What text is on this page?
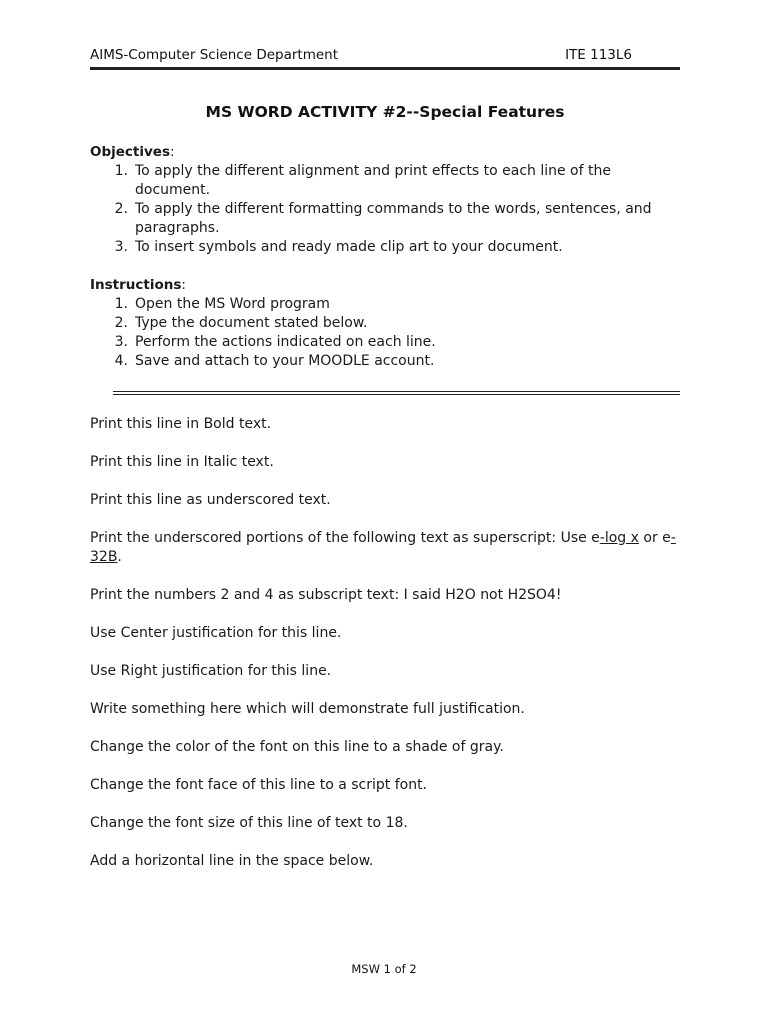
AIMS-Computer Science Department	ITE 113L6
MS WORD ACTIVITY #2--Special Features
Objectives:
1. To apply the different alignment and print effects to each line of the document.
2. To apply the different formatting commands to the words, sentences, and paragraphs.
3. To insert symbols and ready made clip art to your document.
Instructions:
1. Open the MS Word program
2. Type the document stated below.
3. Perform the actions indicated on each line.
4. Save and attach to your MOODLE account.

Print this line in Bold text.

Print this line in Italic text.

Print this line as underscored text.

Print the underscored portions of the following text as superscript: Use e-log x or e-32B.

Print the numbers 2 and 4 as subscript text: I said H2O not H2SO4!

Use Center justification for this line.

Use Right justification for this line.

Write something here which will demonstrate full justification.

Change the color of the font on this line to a shade of gray.

Change the font face of this line to a script font.

Change the font size of this line of text to 18.

Add a horizontal line in the space below.

MSW 1 of 2
